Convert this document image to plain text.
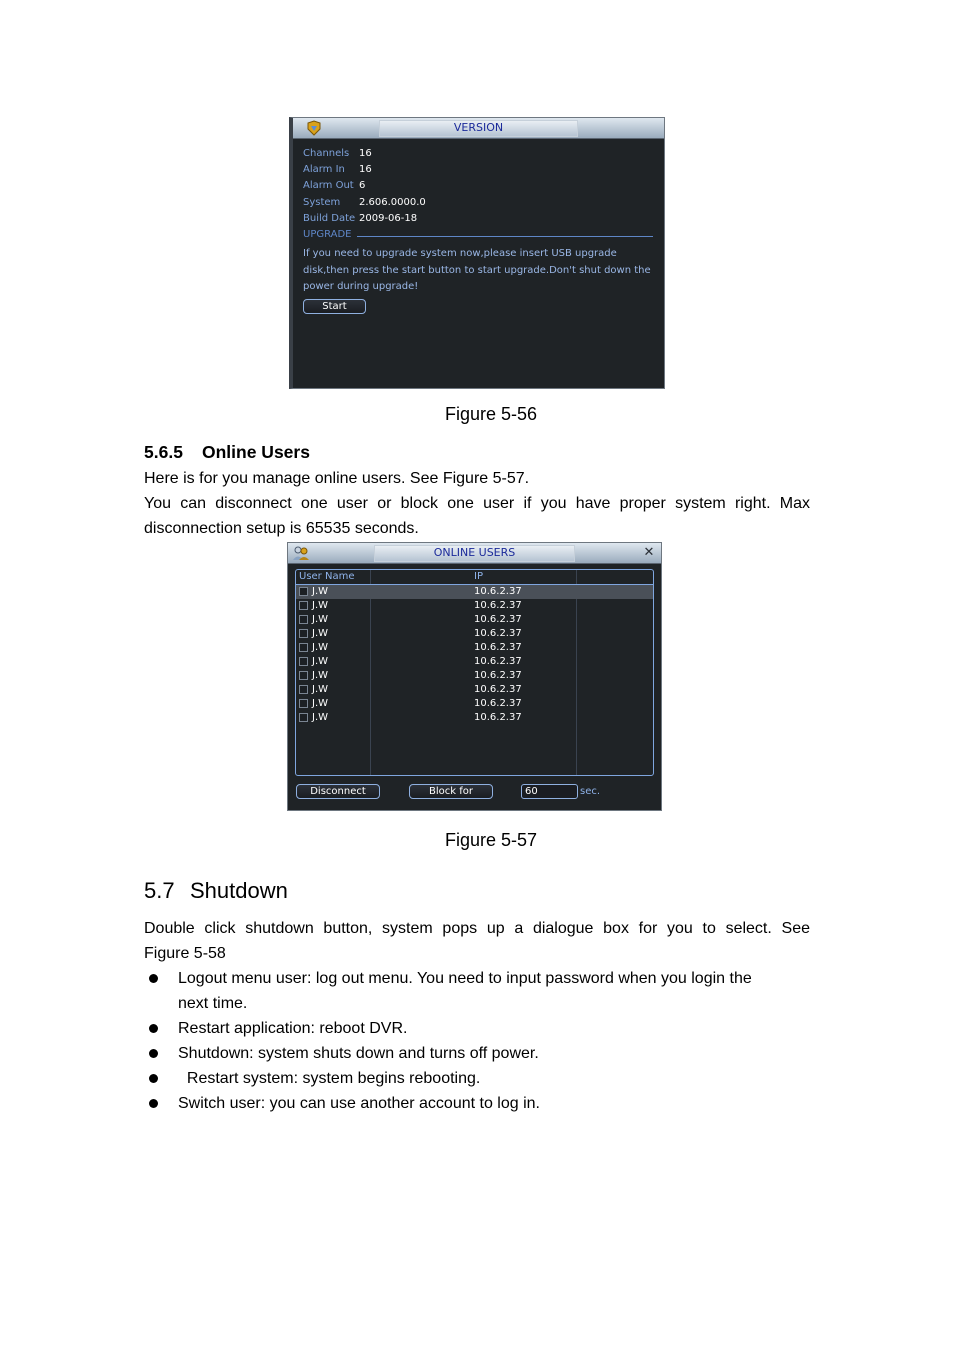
VERSION
Channels 16
Alarm In 16
Alarm Out 6
System 2.606.0000.0
Build Date 2009-06-18
UPGRADE
If you need to upgrade system now,please insert USB upgrade disk,then press the start button to start upgrade.Don't shut down the power during upgrade!
Start
Figure 5-56
5.6.5 Online Users
Here is for you manage online users. See Figure 5-57.
You can disconnect one user or block one user if you have proper system right. Max
disconnection setup is 65535 seconds.
ONLINE USERS	✕
User Name	IP
J.W	10.6.2.37
J.W	10.6.2.37
J.W	10.6.2.37
J.W	10.6.2.37
J.W	10.6.2.37
J.W	10.6.2.37
J.W	10.6.2.37
J.W	10.6.2.37
J.W	10.6.2.37
J.W	10.6.2.37
Disconnect	Block for	60	sec.
Figure 5-57
5.7 Shutdown
Double click shutdown button, system pops up a dialogue box for you to select. See
Figure 5-58
Logout menu user: log out menu. You need to input password when you login the
next time.
Restart application: reboot DVR.
Shutdown: system shuts down and turns off power.
Restart system: system begins rebooting.
Switch user: you can use another account to log in.
